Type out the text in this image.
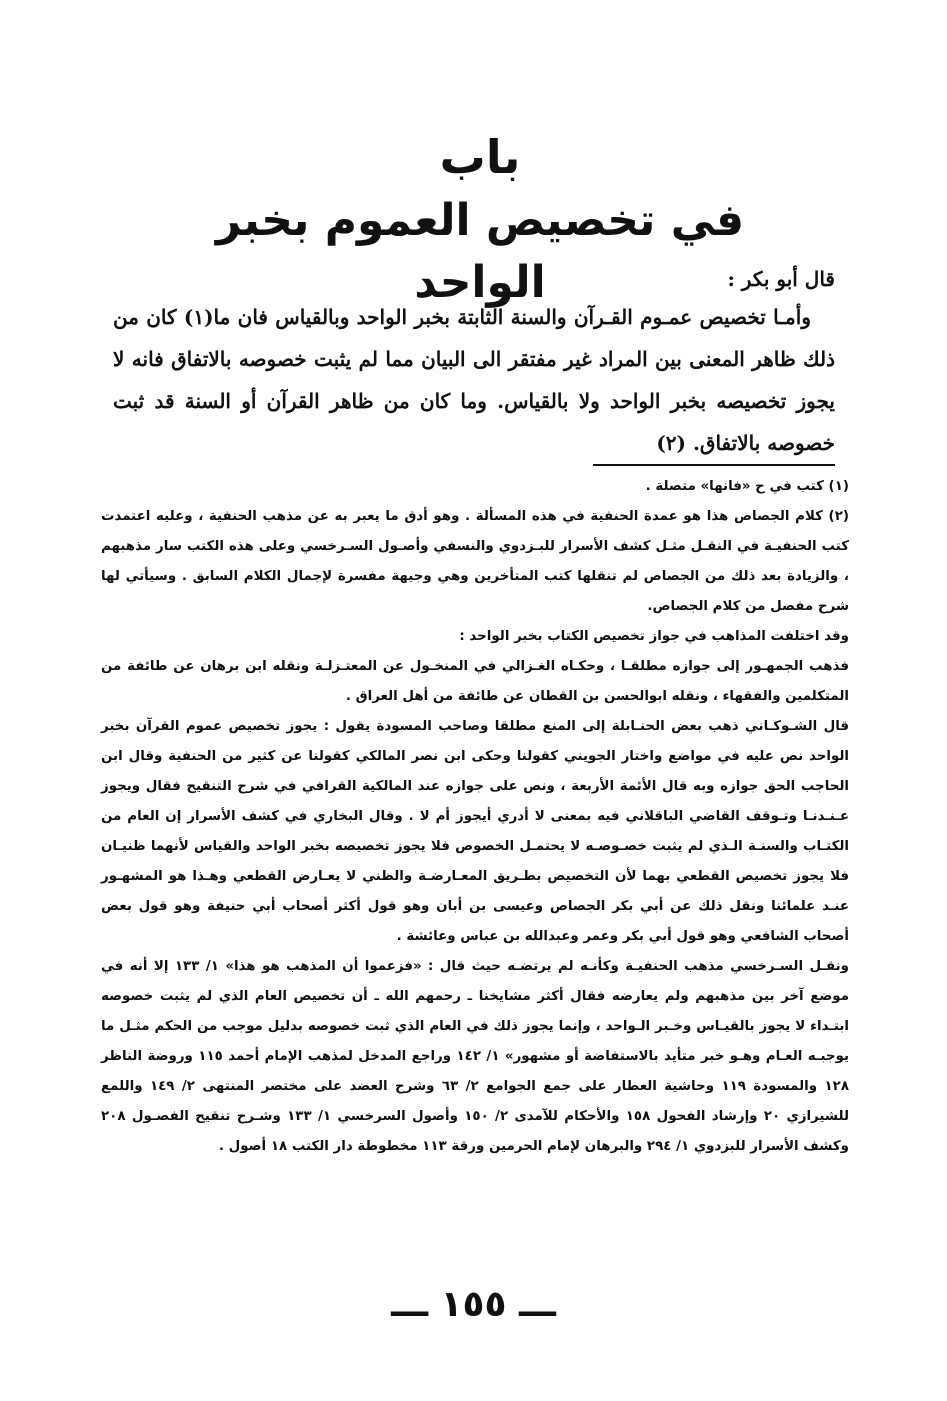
باب
في تخصيص العموم بخبر الواحد	قال أبو بكر :

وأمـا تخصيص عمـوم القـرآن والسنة الثابتة بخبر الواحد وبالقياس فان ما(١) كان من ذلك ظاهر المعنى بين المراد غير مفتقر الى البيان مما لم يثبت خصوصه بالاتفاق فانه لا يجوز تخصيصه بخبر الواحد ولا بالقياس. وما كان من ظاهر القرآن أو السنة قد ثبت خصوصه بالاتفاق. (٢)

(١) كتب في ح «فانها» متصلة .

(٢) كلام الجصاص هذا هو عمدة الحنفية في هذه المسألة . وهو أدق ما يعبر به عن مذهب الحنفية ، وعليه اعتمدت كتب الحنفيـة في النقـل مثـل كشف الأسرار للبـزدوي والنسفي وأصـول السـرخسي وعلى هذه الكتب سار مذهبهم ، والزيادة بعد ذلك من الجصاص لم تنقلها كتب المتأخرين وهي وجيهة مفسرة لإجمال الكلام السابق . وسيأتي لها شرح مفصل من كلام الجصاص.

وقد اختلفت المذاهب في جواز تخصيص الكتاب بخبر الواحد :

فذهب الجمهـور إلى جوازه مطلقـا ، وحكـاه الغـزالي في المنخـول عن المعتـزلـة ونقله ابن برهان عن طائفة من المتكلمين والفقهاء ، ونقله ابوالحسن بن القطان عن طائفة من أهل العراق .

قال الشـوكـاني ذهب بعض الحنـابلة إلى المنع مطلقا وصاحب المسودة يقول : يجوز تخصيص عموم القرآن بخبر الواحد نص عليه في مواضع واختار الجويني كقولنا وحكى ابن نصر المالكي كقولنا عن كثير من الحنفية وقال ابن الحاجب الحق جوازه وبه قال الأئمة الأربعة ، ونص على جوازه عند المالكية القرافي في شرح التنقيح فقال ويجوز عـنـدنـا وتـوقف القاضي الباقلاني فيه بمعنى لا أدري أيجوز أم لا . وقال البخاري في كشف الأسرار إن العام من الكتـاب والسنـة الـذي لم يثبت خصـوصـه لا يحتمـل الخصوص فلا يجوز تخصيصه بخبر الواحد والقياس لأنهما ظنيـان فلا يجوز تخصيص القطعي بهما لأن التخصيص بطـريق المعـارضـة والظني لا يعـارض القطعي وهـذا هو المشهـور عنـد علمائنا ونقل ذلك عن أبي بكر الجصاص وعيسى بن أبان وهو قول أكثر أصحاب أبي حنيفة وهو قول بعض أصحاب الشافعي وهو قول أبي بكر وعمر وعبدالله بن عباس وعائشة .

ونقـل السـرخسي مذهب الحنفيـة وكأنـه لم يرتضـه حيث قال : «فزعموا أن المذهب هو هذا» ١/ ١٣٣ إلا أنه في موضع آخر بين مذهبهم ولم يعارضه فقال أكثر مشايخنا ـ رحمهم الله ـ أن تخصيص العام الذي لم يثبت خصوصه ابتـداء لا يجوز بالقيـاس وخـبر الـواحد ، وإنما يجوز ذلك في العام الذي ثبت خصوصه بدليل موجب من الحكم مثـل ما يوجبـه العـام وهـو خبر متأيد بالاستفاضة أو مشهور» ١/ ١٤٢ وراجع المدخل لمذهب الإمام أحمد ١١٥ وروضة الناظر ١٢٨ والمسودة ١١٩ وحاشية العطار على جمع الجوامع ٢/ ٦٣ وشرح العضد على مختصر المنتهى ٢/ ١٤٩ واللمع للشيرازي ٢٠ وإرشاد الفحول ١٥٨ والأحكام للآمدى ٢/ ١٥٠ وأصول السرخسي ١/ ١٣٣ وشـرح تنقيح الفصـول ٢٠٨ وكشف الأسرار للبزدوي ١/ ٢٩٤ والبرهان لإمام الحرمين ورقة ١١٣ مخطوطة دار الكتب ١٨ أصول .

ـــ ١٥٥ ـــ
